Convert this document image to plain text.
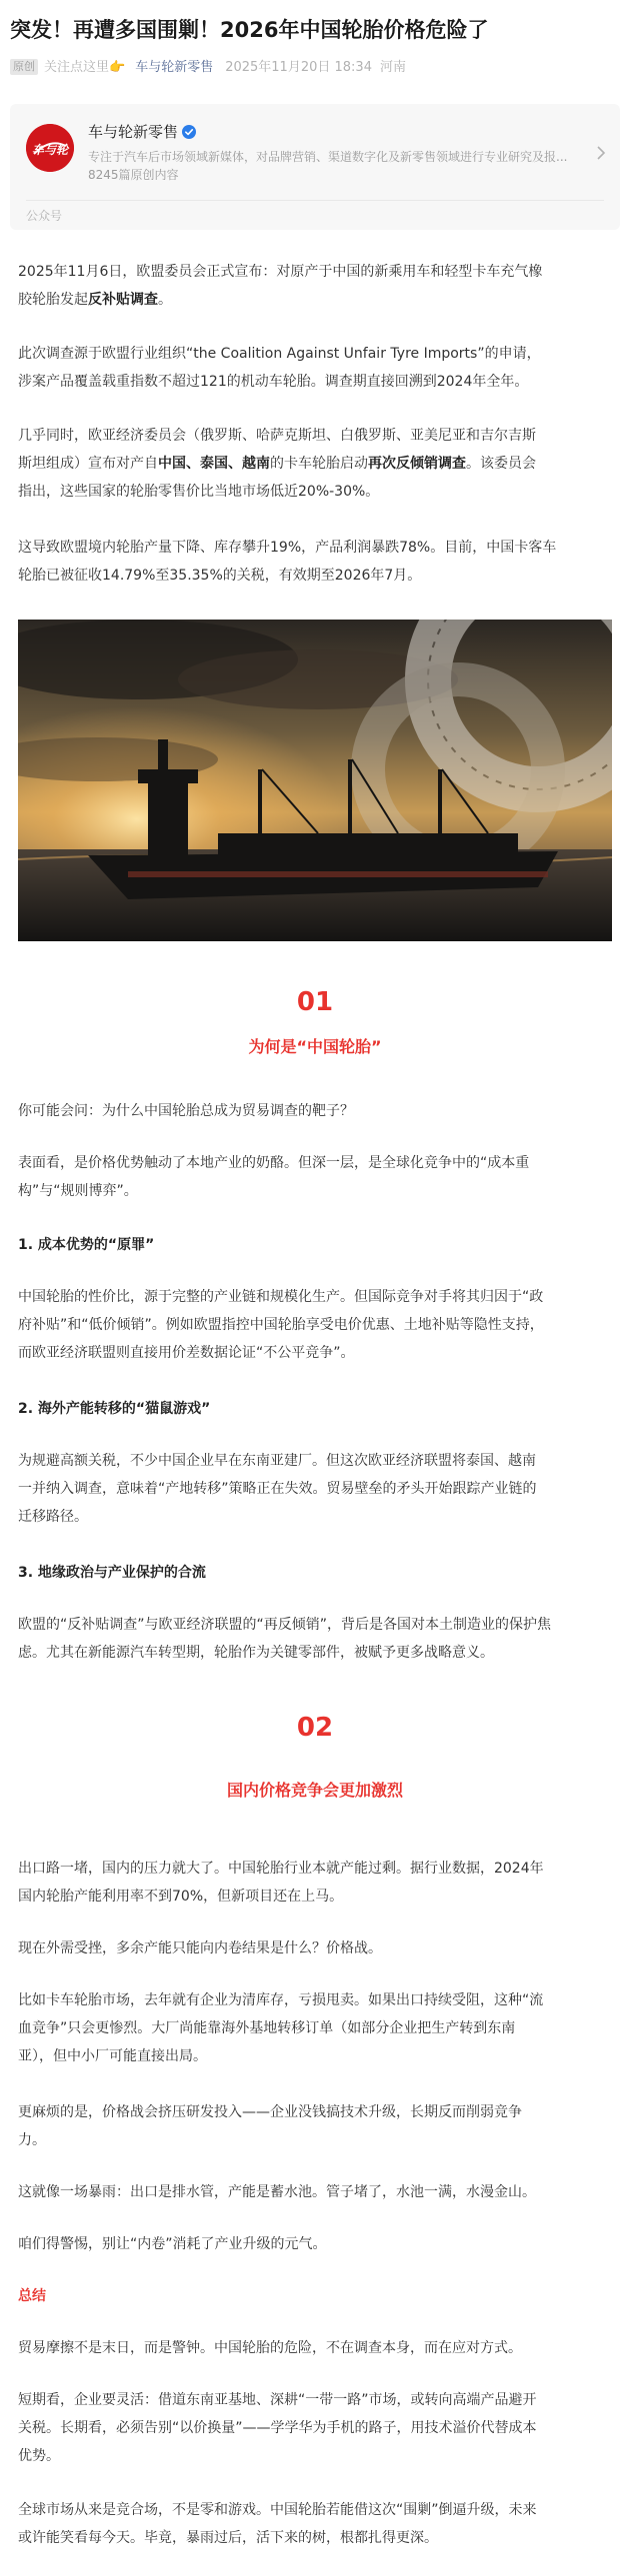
突发！再遭多国围剿！2026年中国轮胎价格危险了
原创 关注点这里👉 车与轮新零售 2025年11月20日 18:34 河南
车与轮
车与轮新零售
专注于汽车后市场领域新媒体，对品牌营销、渠道数字化及新零售领域进行专业研究及报...
8245篇原创内容
公众号

2025年11月6日，欧盟委员会正式宣布：对原产于中国的新乘用车和轻型卡车充气橡
胶轮胎发起反补贴调查。

此次调查源于欧盟行业组织“the Coalition Against Unfair Tyre Imports”的申请，
涉案产品覆盖载重指数不超过121的机动车轮胎。调查期直接回溯到2024年全年。

几乎同时，欧亚经济委员会（俄罗斯、哈萨克斯坦、白俄罗斯、亚美尼亚和吉尔吉斯
斯坦组成）宣布对产自中国、泰国、越南的卡车轮胎启动再次反倾销调查。该委员会
指出，这些国家的轮胎零售价比当地市场低近20%-30%。

这导致欧盟境内轮胎产量下降、库存攀升19%，产品利润暴跌78%。目前，中国卡客车
轮胎已被征收14.79%至35.35%的关税，有效期至2026年7月。

01
为何是“中国轮胎”

你可能会问：为什么中国轮胎总成为贸易调查的靶子？

表面看，是价格优势触动了本地产业的奶酪。但深一层，是全球化竞争中的“成本重
构”与“规则博弈”。

1. 成本优势的“原罪”

中国轮胎的性价比，源于完整的产业链和规模化生产。但国际竞争对手将其归因于“政
府补贴”和“低价倾销”。例如欧盟指控中国轮胎享受电价优惠、土地补贴等隐性支持，
而欧亚经济联盟则直接用价差数据论证“不公平竞争”。

2. 海外产能转移的“猫鼠游戏”

为规避高额关税，不少中国企业早在东南亚建厂。但这次欧亚经济联盟将泰国、越南
一并纳入调查，意味着“产地转移”策略正在失效。贸易壁垒的矛头开始跟踪产业链的
迁移路径。

3. 地缘政治与产业保护的合流

欧盟的“反补贴调查”与欧亚经济联盟的“再反倾销”，背后是各国对本土制造业的保护焦
虑。尤其在新能源汽车转型期，轮胎作为关键零部件，被赋予更多战略意义。

02
国内价格竞争会更加激烈

出口路一堵，国内的压力就大了。中国轮胎行业本就产能过剩。据行业数据，2024年
国内轮胎产能利用率不到70%，但新项目还在上马。

现在外需受挫，多余产能只能向内卷结果是什么？价格战。

比如卡车轮胎市场，去年就有企业为清库存，亏损甩卖。如果出口持续受阻，这种“流
血竞争”只会更惨烈。大厂尚能靠海外基地转移订单（如部分企业把生产转到东南
亚），但中小厂可能直接出局。

更麻烦的是，价格战会挤压研发投入——企业没钱搞技术升级，长期反而削弱竞争
力。

这就像一场暴雨：出口是排水管，产能是蓄水池。管子堵了，水池一满，水漫金山。

咱们得警惕，别让“内卷”消耗了产业升级的元气。

总结

贸易摩擦不是末日，而是警钟。中国轮胎的危险，不在调查本身，而在应对方式。

短期看，企业要灵活：借道东南亚基地、深耕“一带一路”市场，或转向高端产品避开
关税。长期看，必须告别“以价换量”——学学华为手机的路子，用技术溢价代替成本
优势。

全球市场从来是竞合场，不是零和游戏。中国轮胎若能借这次“围剿”倒逼升级，未来
或许能笑看每今天。毕竟，暴雨过后，活下来的树，根都扎得更深。
